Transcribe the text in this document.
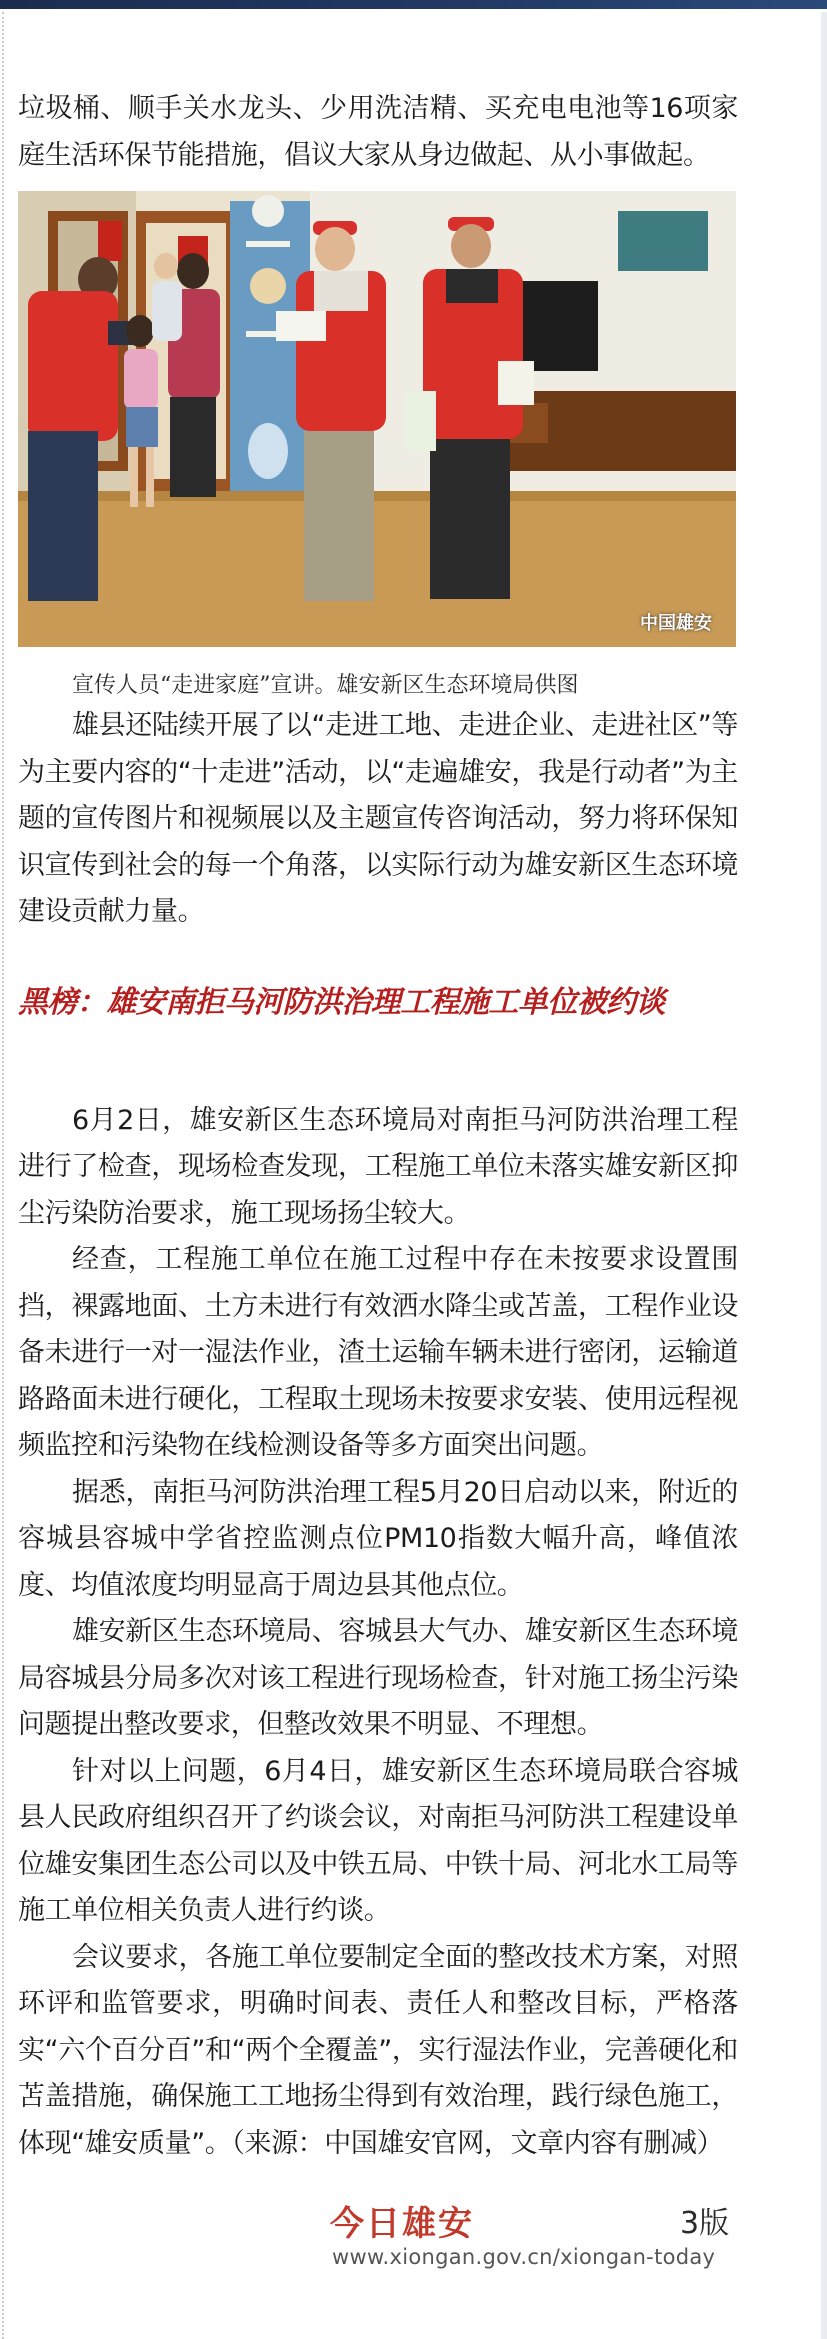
垃圾桶、顺手关水龙头、少用洗洁精、买充电电池等16项家庭生活环保节能措施，倡议大家从身边做起、从小事做起。

中国雄安
宣传人员“走进家庭”宣讲。雄安新区生态环境局供图

雄县还陆续开展了以“走进工地、走进企业、走进社区”等为主要内容的“十走进”活动，以“走遍雄安，我是行动者”为主题的宣传图片和视频展以及主题宣传咨询活动，努力将环保知识宣传到社会的每一个角落，以实际行动为雄安新区生态环境建设贡献力量。

黑榜：雄安南拒马河防洪治理工程施工单位被约谈

6月2日，雄安新区生态环境局对南拒马河防洪治理工程进行了检查，现场检查发现，工程施工单位未落实雄安新区抑尘污染防治要求，施工现场扬尘较大。

经查，工程施工单位在施工过程中存在未按要求设置围挡，裸露地面、土方未进行有效洒水降尘或苫盖，工程作业设备未进行一对一湿法作业，渣土运输车辆未进行密闭，运输道路路面未进行硬化，工程取土现场未按要求安装、使用远程视频监控和污染物在线检测设备等多方面突出问题。

据悉，南拒马河防洪治理工程5月20日启动以来，附近的容城县容城中学省控监测点位PM10指数大幅升高，峰值浓度、均值浓度均明显高于周边县其他点位。

雄安新区生态环境局、容城县大气办、雄安新区生态环境局容城县分局多次对该工程进行现场检查，针对施工扬尘污染问题提出整改要求，但整改效果不明显、不理想。

针对以上问题，6月4日，雄安新区生态环境局联合容城县人民政府组织召开了约谈会议，对南拒马河防洪工程建设单位雄安集团生态公司以及中铁五局、中铁十局、河北水工局等施工单位相关负责人进行约谈。

会议要求，各施工单位要制定全面的整改技术方案，对照环评和监管要求，明确时间表、责任人和整改目标，严格落实“六个百分百”和“两个全覆盖”，实行湿法作业，完善硬化和苫盖措施，确保施工工地扬尘得到有效治理，践行绿色施工，体现“雄安质量”。（来源：中国雄安官网，文章内容有删减）

今日雄安	3版
www.xiongan.gov.cn/xiongan-today
